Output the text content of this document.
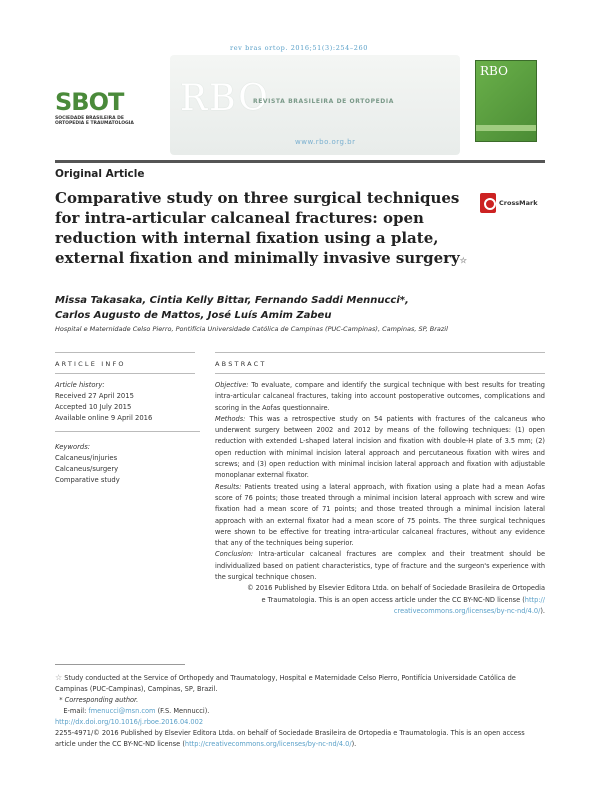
rev bras ortop. 2016;51(3):254–260
SBOT
SOCIEDADE BRASILEIRA DE
ORTOPEDIA E TRAUMATOLOGIA
RBO
REVISTA BRASILEIRA DE ORTOPEDIA
www.rbo.org.br
RBO
Original Article
Comparative study on three surgical techniques for intra-articular calcaneal fractures: open reduction with internal fixation using a plate, external fixation and minimally invasive surgery☆
CrossMark
Missa Takasaka, Cintia Kelly Bittar, Fernando Saddi Mennucci*,
Carlos Augusto de Mattos, José Luís Amim Zabeu
Hospital e Maternidade Celso Pierro, Pontifícia Universidade Católica de Campinas (PUC-Campinas), Campinas, SP, Brazil
ARTICLE INFO	ABSTRACT
Article history:
Received 27 April 2015
Accepted 10 July 2015
Available online 9 April 2016
Keywords:
Calcaneus/injuries
Calcaneus/surgery
Comparative study

Objective: To evaluate, compare and identify the surgical technique with best results for treating intra-articular calcaneal fractures, taking into account postoperative outcomes, complications and scoring in the Aofas questionnaire.

Methods: This was a retrospective study on 54 patients with fractures of the calcaneus who underwent surgery between 2002 and 2012 by means of the following techniques: (1) open reduction with extended L-shaped lateral incision and fixation with double-H plate of 3.5 mm; (2) open reduction with minimal incision lateral approach and percutaneous fixation with wires and screws; and (3) open reduction with minimal incision lateral approach and fixation with adjustable monoplanar external fixator.

Results: Patients treated using a lateral approach, with fixation using a plate had a mean Aofas score of 76 points; those treated through a minimal incision lateral approach with screw and wire fixation had a mean score of 71 points; and those treated through a minimal incision lateral approach with an external fixator had a mean score of 75 points. The three surgical techniques were shown to be effective for treating intra-articular calcaneal fractures, without any evidence that any of the techniques being superior.

Conclusion: Intra-articular calcaneal fractures are complex and their treatment should be individualized based on patient characteristics, type of fracture and the surgeon's experience with the surgical technique chosen.

© 2016 Published by Elsevier Editora Ltda. on behalf of Sociedade Brasileira de Ortopedia
e Traumatologia. This is an open access article under the CC BY-NC-ND license (http://
creativecommons.org/licenses/by-nc-nd/4.0/).

☆ Study conducted at the Service of Orthopedy and Traumatology, Hospital e Maternidade Celso Pierro, Pontifícia Universidade Católica de Campinas (PUC-Campinas), Campinas, SP, Brazil.

* Corresponding author.

E-mail: fmenucci@msn.com (F.S. Mennucci).

http://dx.doi.org/10.1016/j.rboe.2016.04.002

2255-4971/© 2016 Published by Elsevier Editora Ltda. on behalf of Sociedade Brasileira de Ortopedia e Traumatologia. This is an open access article under the CC BY-NC-ND license (http://creativecommons.org/licenses/by-nc-nd/4.0/).
